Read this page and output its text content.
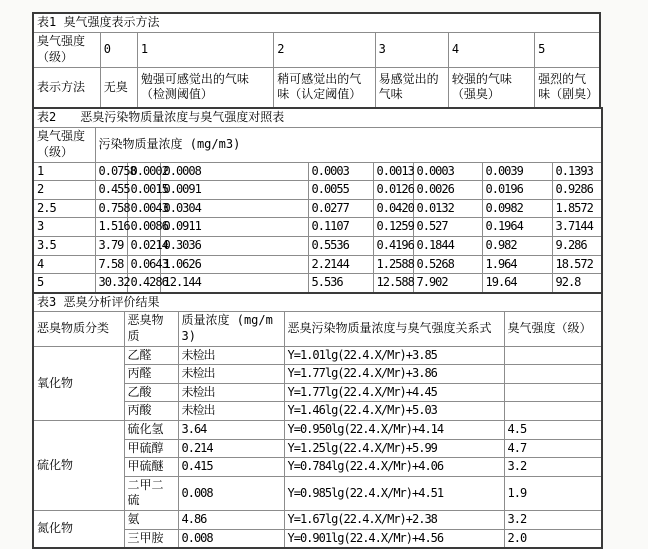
表1 臭气强度表示方法						
臭气强度（级）	0	1	2	3	4	5
表示方法	无臭	勉强可感觉出的气味（检测阈值）	稍可感觉出的气味（认定阈值）	易感觉出的气味	较强的气味（强臭）	强烈的气味（剧臭）
表2　　恶臭污染物质量浓度与臭气强度对照表								
臭气强度（级）	污染物质量浓度 (mg/m3)							
1	0.0758	0.0002	0.0008	0.0003	0.0013	0.0003	0.0039	0.1393
2	0.455	0.0015	0.0091	0.0055	0.0126	0.0026	0.0196	0.9286
2.5	0.758	0.0043	0.0304	0.0277	0.0420	0.0132	0.0982	1.8572
3	1.516	0.0086	0.0911	0.1107	0.1259	0.527	0.1964	3.7144
3.5	3.79	0.0214	0.3036	0.5536	0.4196	0.1844	0.982	9.286
4	7.58	0.0643	1.0626	2.2144	1.2588	0.5268	1.964	18.572
5	30.32	0.4286	12.144	5.536	12.588	7.902	19.64	92.8
表3 恶臭分析评价结果				
恶臭物质分类	恶臭物质	质量浓度 (mg/m3)	恶臭污染物质量浓度与臭气强度关系式	臭气强度（级）
氧化物	乙醛	未检出	Y=1.01lg(22.4.X/Mr)+3.85	
	丙醛	未检出	Y=1.77lg(22.4.X/Mr)+3.86	
	乙酸	未检出	Y=1.77lg(22.4.X/Mr)+4.45	
	丙酸	未检出	Y=1.46lg(22.4.X/Mr)+5.03	
硫化物	硫化氢	3.64	Y=0.950lg(22.4.X/Mr)+4.14	4.5
	甲硫醇	0.214	Y=1.25lg(22.4.X/Mr)+5.99	4.7
	甲硫醚	0.415	Y=0.784lg(22.4.X/Mr)+4.06	3.2
	二甲二硫	0.008	Y=0.985lg(22.4.X/Mr)+4.51	1.9
氮化物	氨	4.86	Y=1.67lg(22.4.X/Mr)+2.38	3.2
	三甲胺	0.008	Y=0.901lg(22.4.X/Mr)+4.56	2.0
